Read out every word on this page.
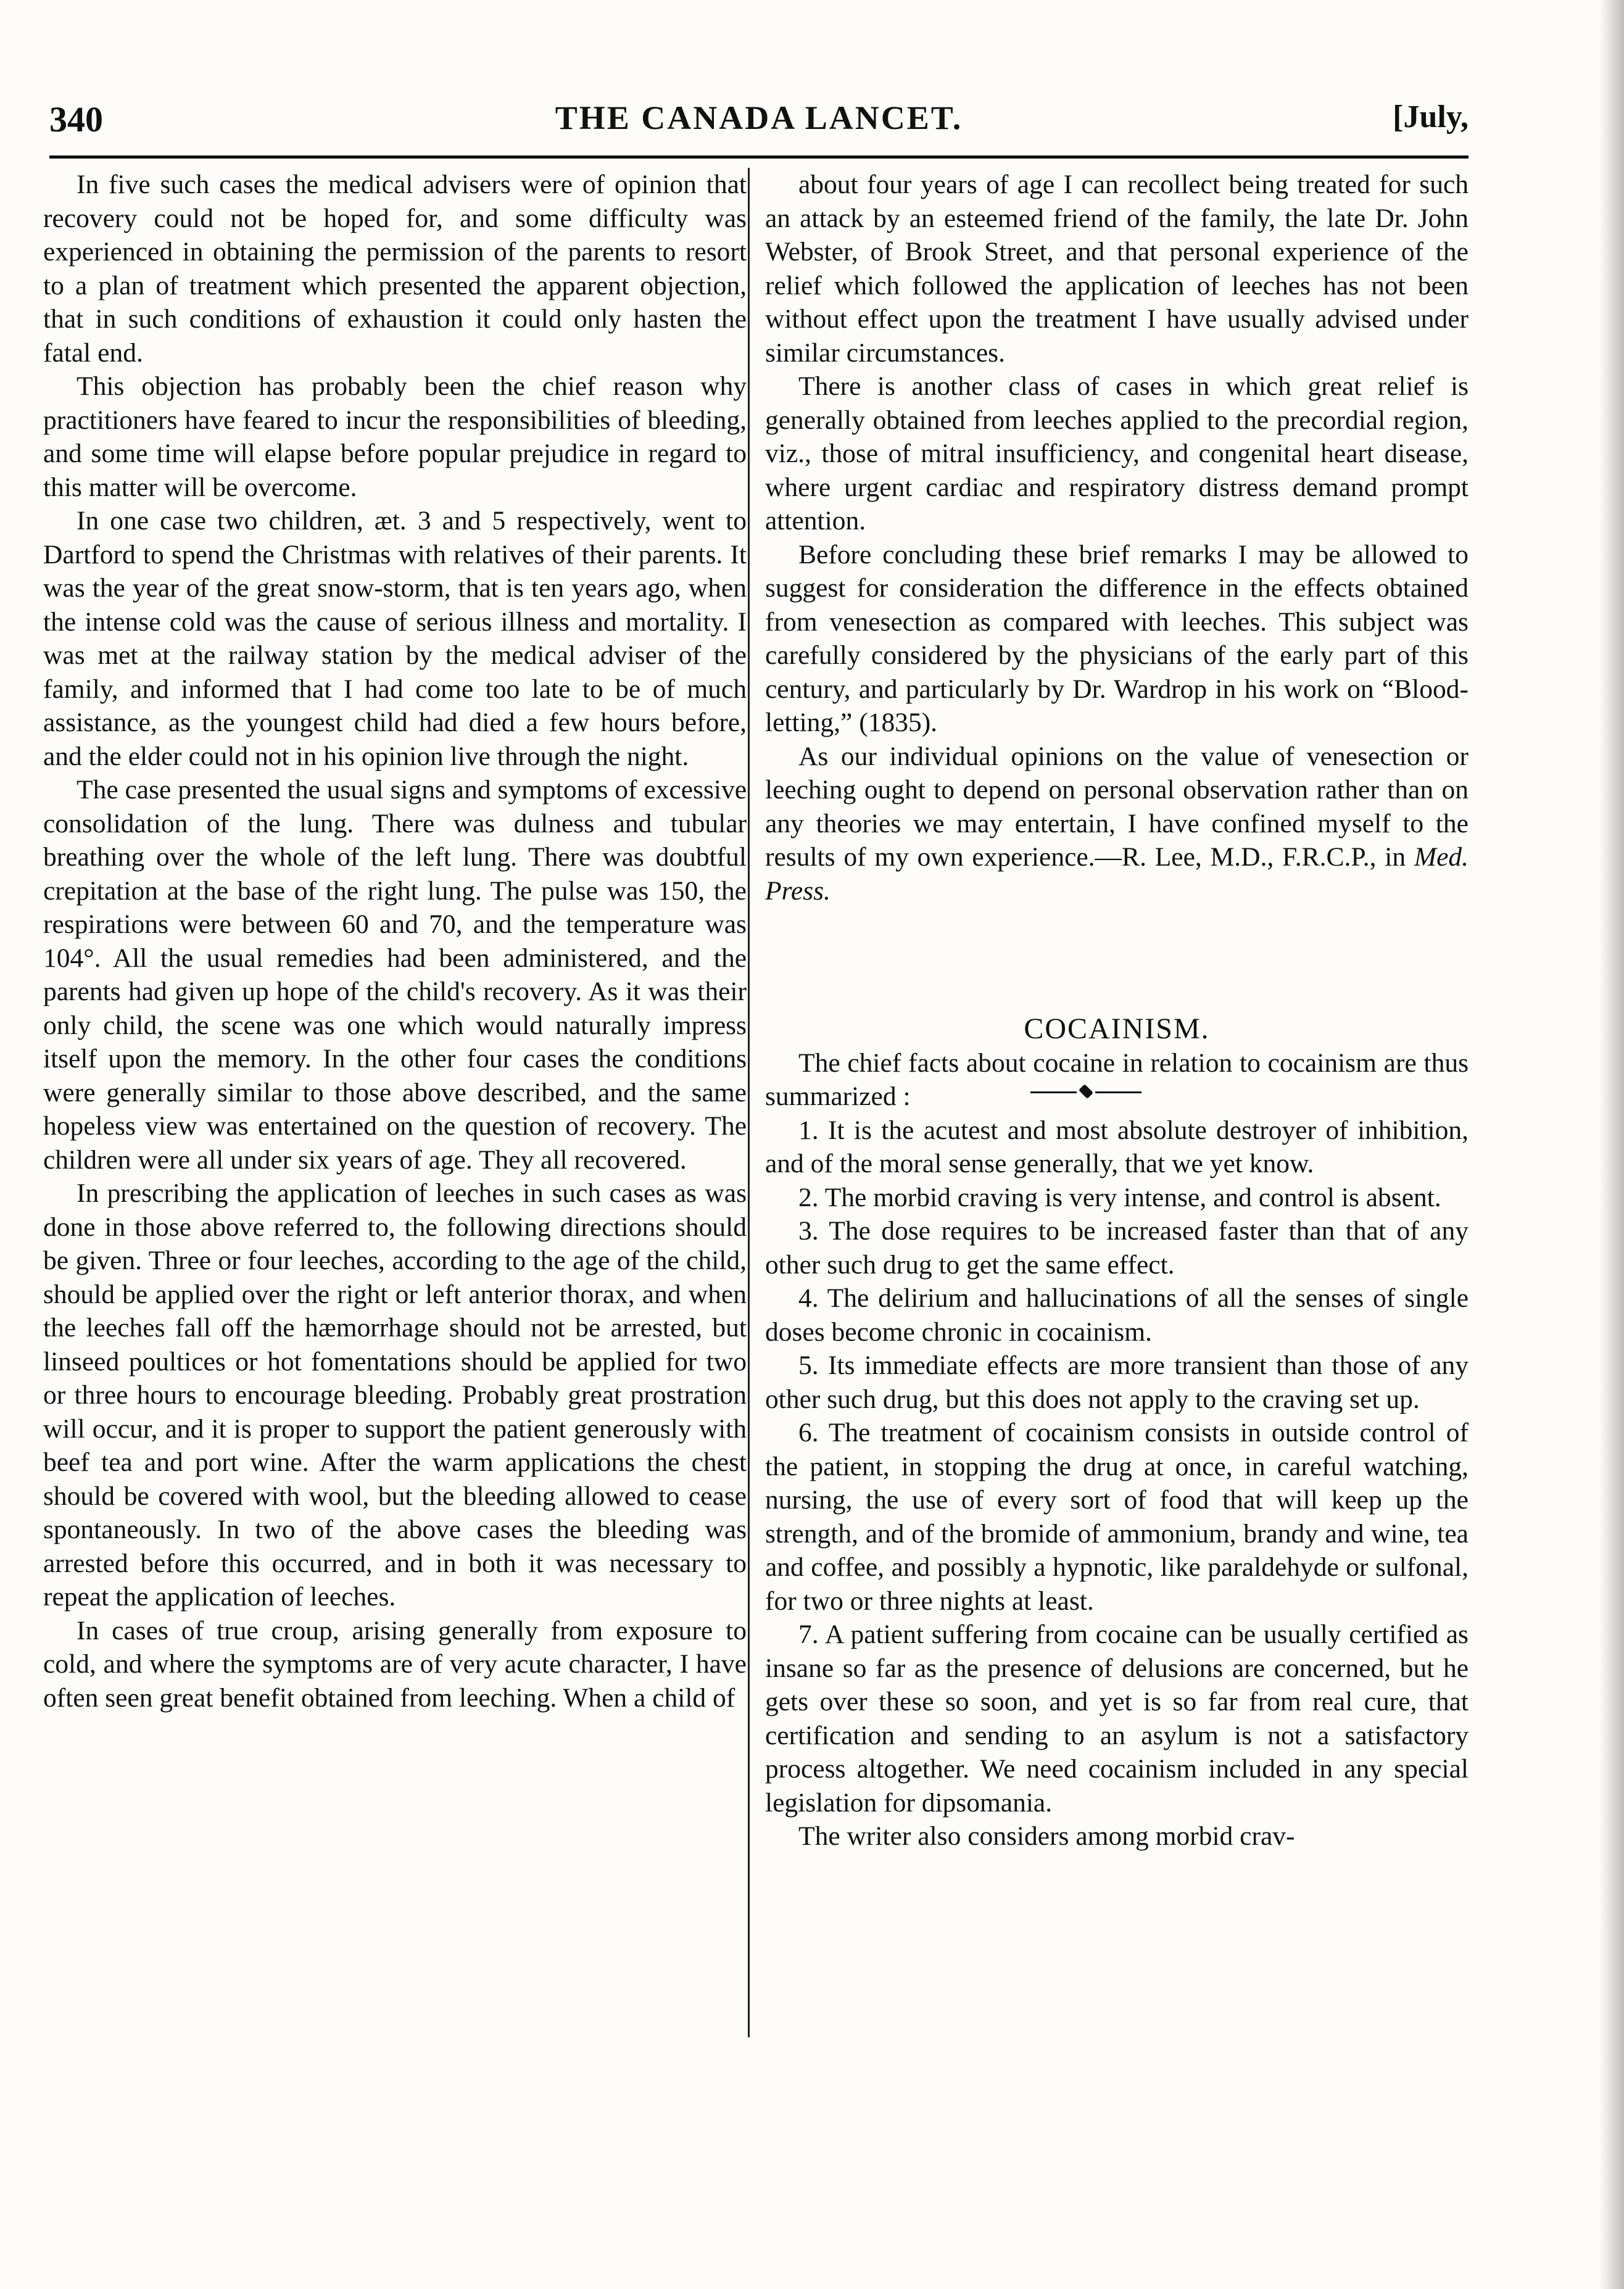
340	THE CANADA LANCET.	[July,

In five such cases the medical advisers were of opinion that recovery could not be hoped for, and some difficulty was experienced in obtaining the permission of the parents to resort to a plan of treatment which presented the apparent objection, that in such conditions of exhaustion it could only hasten the fatal end.

This objection has probably been the chief reason why practitioners have feared to incur the responsibilities of bleeding, and some time will elapse before popular prejudice in regard to this matter will be overcome.

In one case two children, æt. 3 and 5 respectively, went to Dartford to spend the Christmas with relatives of their parents. It was the year of the great snow-storm, that is ten years ago, when the intense cold was the cause of serious illness and mortality. I was met at the railway station by the medical adviser of the family, and informed that I had come too late to be of much assistance, as the youngest child had died a few hours before, and the elder could not in his opinion live through the night.

The case presented the usual signs and symptoms of excessive consolidation of the lung. There was dulness and tubular breathing over the whole of the left lung. There was doubtful crepitation at the base of the right lung. The pulse was 150, the respirations were between 60 and 70, and the temperature was 104°. All the usual remedies had been administered, and the parents had given up hope of the child's recovery. As it was their only child, the scene was one which would naturally impress itself upon the memory. In the other four cases the conditions were generally similar to those above described, and the same hopeless view was entertained on the question of recovery. The children were all under six years of age. They all recovered.

In prescribing the application of leeches in such cases as was done in those above referred to, the following directions should be given. Three or four leeches, according to the age of the child, should be applied over the right or left anterior thorax, and when the leeches fall off the hæmorrhage should not be arrested, but linseed poultices or hot fomentations should be applied for two or three hours to encourage bleeding. Probably great prostration will occur, and it is proper to support the patient generously with beef tea and port wine. After the warm applications the chest should be covered with wool, but the bleeding allowed to cease spontaneously. In two of the above cases the bleeding was arrested before this occurred, and in both it was necessary to repeat the application of leeches.

In cases of true croup, arising generally from exposure to cold, and where the symptoms are of very acute character, I have often seen great benefit obtained from leeching. When a child of

about four years of age I can recollect being treated for such an attack by an esteemed friend of the family, the late Dr. John Webster, of Brook Street, and that personal experience of the relief which followed the application of leeches has not been without effect upon the treatment I have usually advised under similar circumstances.

There is another class of cases in which great relief is generally obtained from leeches applied to the precordial region, viz., those of mitral insufficiency, and congenital heart disease, where urgent cardiac and respiratory distress demand prompt attention.

Before concluding these brief remarks I may be allowed to suggest for consideration the difference in the effects obtained from venesection as compared with leeches. This subject was carefully considered by the physicians of the early part of this century, and particularly by Dr. Wardrop in his work on “Blood-letting,” (1835).

As our individual opinions on the value of venesection or leeching ought to depend on personal observation rather than on any theories we may entertain, I have confined myself to the results of my own experience.—R. Lee, M.D., F.R.C.P., in Med. Press.

COCAINISM.

The chief facts about cocaine in relation to cocainism are thus summarized :

1. It is the acutest and most absolute destroyer of inhibition, and of the moral sense generally, that we yet know.

2. The morbid craving is very intense, and control is absent.

3. The dose requires to be increased faster than that of any other such drug to get the same effect.

4. The delirium and hallucinations of all the senses of single doses become chronic in cocainism.

5. Its immediate effects are more transient than those of any other such drug, but this does not apply to the craving set up.

6. The treatment of cocainism consists in outside control of the patient, in stopping the drug at once, in careful watching, nursing, the use of every sort of food that will keep up the strength, and of the bromide of ammonium, brandy and wine, tea and coffee, and possibly a hypnotic, like paraldehyde or sulfonal, for two or three nights at least.

7. A patient suffering from cocaine can be usually certified as insane so far as the presence of delusions are concerned, but he gets over these so soon, and yet is so far from real cure, that certification and sending to an asylum is not a satisfactory process altogether. We need cocainism included in any special legislation for dipsomania.

The writer also considers among morbid crav-
